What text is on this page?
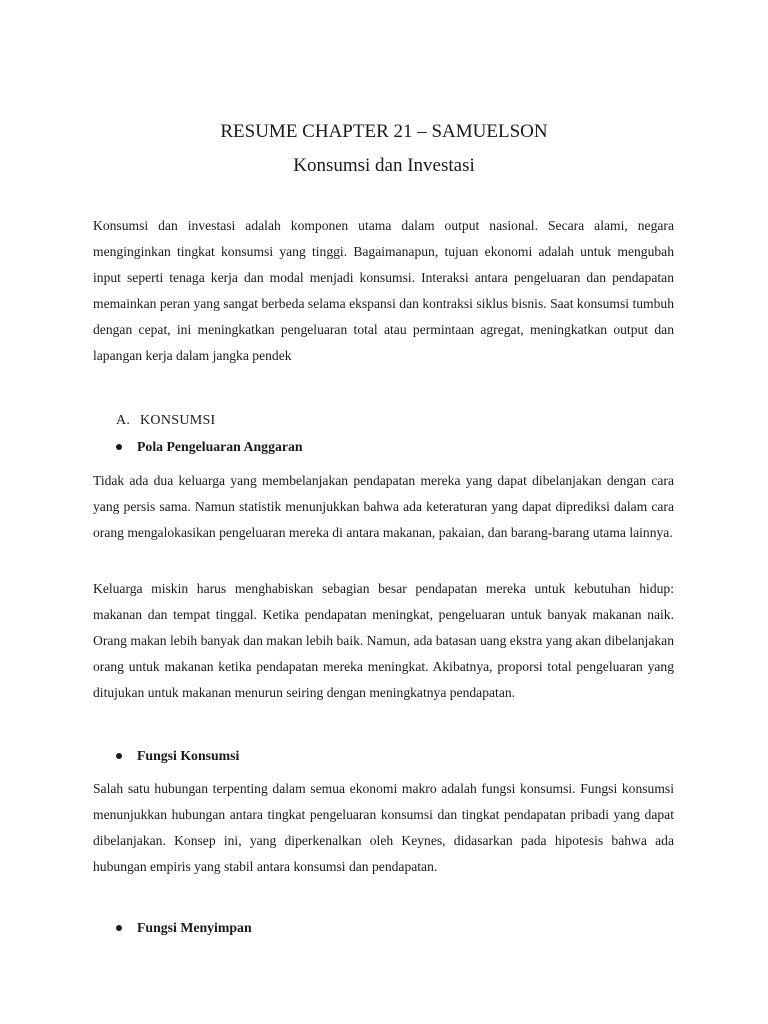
RESUME CHAPTER 21 – SAMUELSON
Konsumsi dan Investasi

Konsumsi dan investasi adalah komponen utama dalam output nasional. Secara alami, negara menginginkan tingkat konsumsi yang tinggi. Bagaimanapun, tujuan ekonomi adalah untuk mengubah input seperti tenaga kerja dan modal menjadi konsumsi. Interaksi antara pengeluaran dan pendapatan memainkan peran yang sangat berbeda selama ekspansi dan kontraksi siklus bisnis. Saat konsumsi tumbuh dengan cepat, ini meningkatkan pengeluaran total atau permintaan agregat, meningkatkan output dan lapangan kerja dalam jangka pendek

A. KONSUMSI

Pola Pengeluaran Anggaran

Tidak ada dua keluarga yang membelanjakan pendapatan mereka yang dapat dibelanjakan dengan cara yang persis sama. Namun statistik menunjukkan bahwa ada keteraturan yang dapat diprediksi dalam cara orang mengalokasikan pengeluaran mereka di antara makanan, pakaian, dan barang-barang utama lainnya.

Keluarga miskin harus menghabiskan sebagian besar pendapatan mereka untuk kebutuhan hidup: makanan dan tempat tinggal. Ketika pendapatan meningkat, pengeluaran untuk banyak makanan naik. Orang makan lebih banyak dan makan lebih baik. Namun, ada batasan uang ekstra yang akan dibelanjakan orang untuk makanan ketika pendapatan mereka meningkat. Akibatnya, proporsi total pengeluaran yang ditujukan untuk makanan menurun seiring dengan meningkatnya pendapatan.

Fungsi Konsumsi

Salah satu hubungan terpenting dalam semua ekonomi makro adalah fungsi konsumsi. Fungsi konsumsi menunjukkan hubungan antara tingkat pengeluaran konsumsi dan tingkat pendapatan pribadi yang dapat dibelanjakan. Konsep ini, yang diperkenalkan oleh Keynes, didasarkan pada hipotesis bahwa ada hubungan empiris yang stabil antara konsumsi dan pendapatan.

Fungsi Menyimpan
